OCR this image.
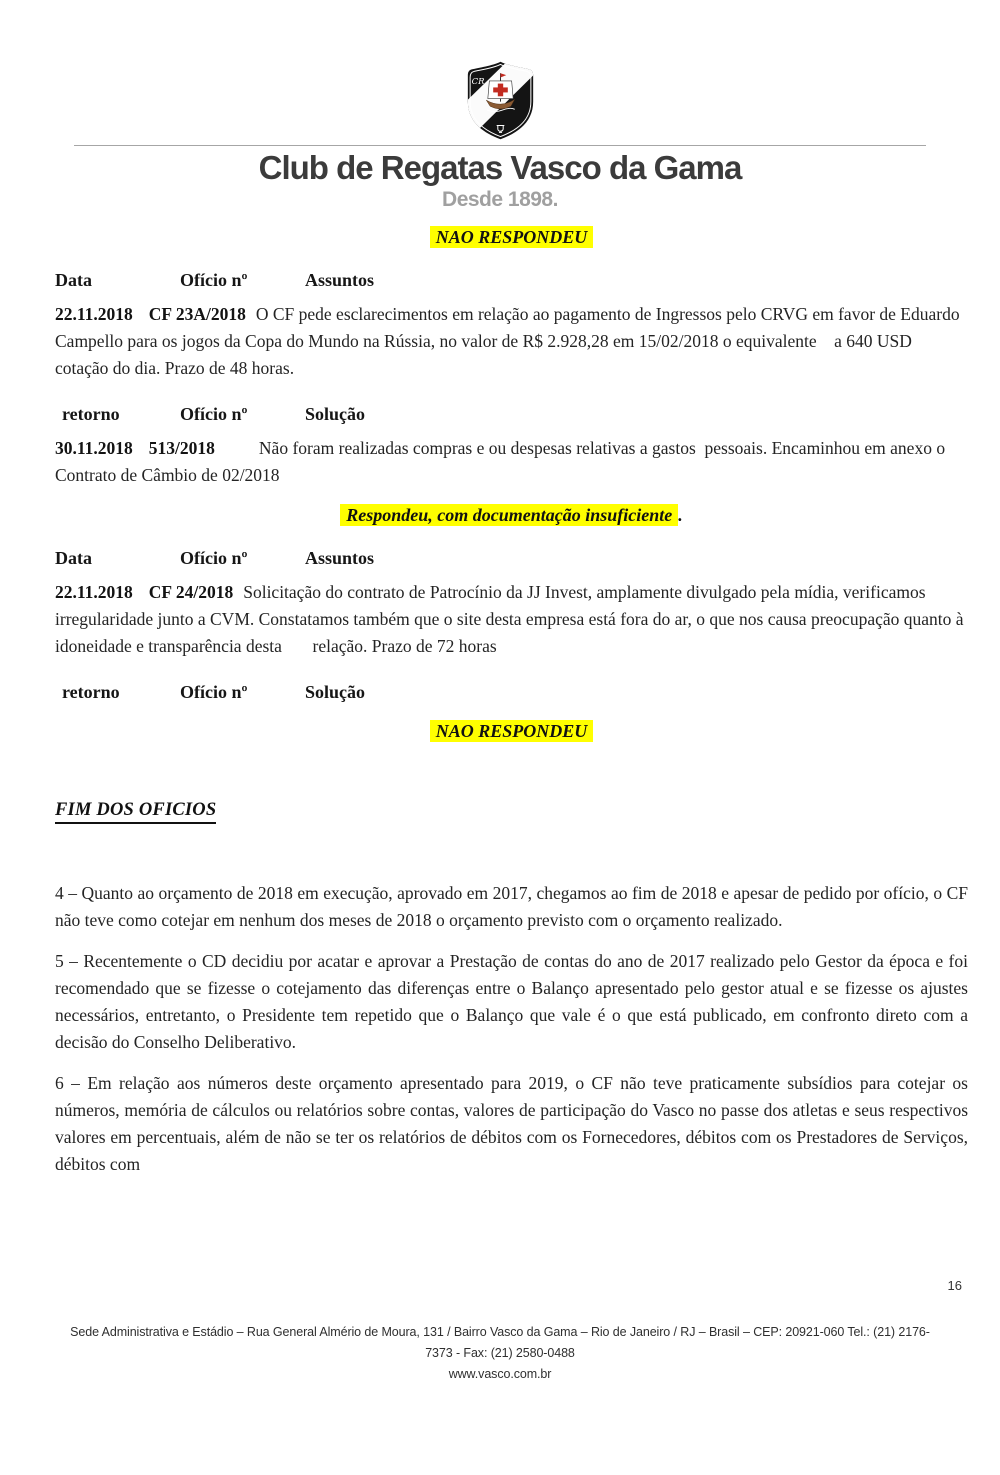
CR
Club de Regatas Vasco da Gama
Desde 1898.
NAO RESPONDEU
Data	Ofício nº	Assuntos

22.11.2018 CF 23A/2018 O CF pede esclarecimentos em relação ao pagamento de Ingressos pelo CRVG em favor de Eduardo Campello para os jogos da Copa do Mundo na Rússia, no valor de R$ 2.928,28 em 15/02/2018 o equivalente    a 640 USD cotação do dia. Prazo de 48 horas.

retorno	Ofício nº	Solução

30.11.2018 513/2018	Não foram realizadas compras e ou despesas relativas a gastos  pessoais. Encaminhou em anexo o Contrato de Câmbio de 02/2018

Respondeu, com documentação insuficiente .
Data	Ofício nº	Assuntos

22.11.2018 CF 24/2018 Solicitação do contrato de Patrocínio da JJ Invest, amplamente divulgado pela mídia, verificamos irregularidade junto a CVM. Constatamos também que o site desta empresa está fora do ar, o que nos causa preocupação quanto à idoneidade e transparência desta       relação. Prazo de 72 horas

retorno	Ofício nº	Solução
NAO RESPONDEU
FIM DOS OFICIOS

4 – Quanto ao orçamento de 2018 em execução, aprovado em 2017, chegamos ao fim de 2018 e apesar de pedido por ofício, o CF não teve como cotejar em nenhum dos meses de 2018 o orçamento previsto com o orçamento realizado.

5 – Recentemente o CD decidiu por acatar e aprovar a Prestação de contas do ano de 2017 realizado pelo Gestor da época e foi recomendado que se fizesse o cotejamento das diferenças entre o Balanço apresentado pelo gestor atual e se fizesse os ajustes necessários, entretanto, o Presidente tem repetido que o Balanço que vale é o que está publicado, em confronto direto com a decisão do Conselho Deliberativo.

6 – Em relação aos números deste orçamento apresentado para 2019, o CF não teve praticamente subsídios para cotejar os números, memória de cálculos ou relatórios sobre contas, valores de participação do Vasco no passe dos atletas e seus respectivos valores em percentuais, além de não se ter os relatórios de débitos com os Fornecedores, débitos com os Prestadores de Serviços, débitos com

16
Sede Administrativa e Estádio – Rua General Almério de Moura, 131 / Bairro Vasco da Gama – Rio de Janeiro / RJ – Brasil – CEP: 20921-060 Tel.: (21) 2176-
7373 - Fax: (21) 2580-0488
www.vasco.com.br
